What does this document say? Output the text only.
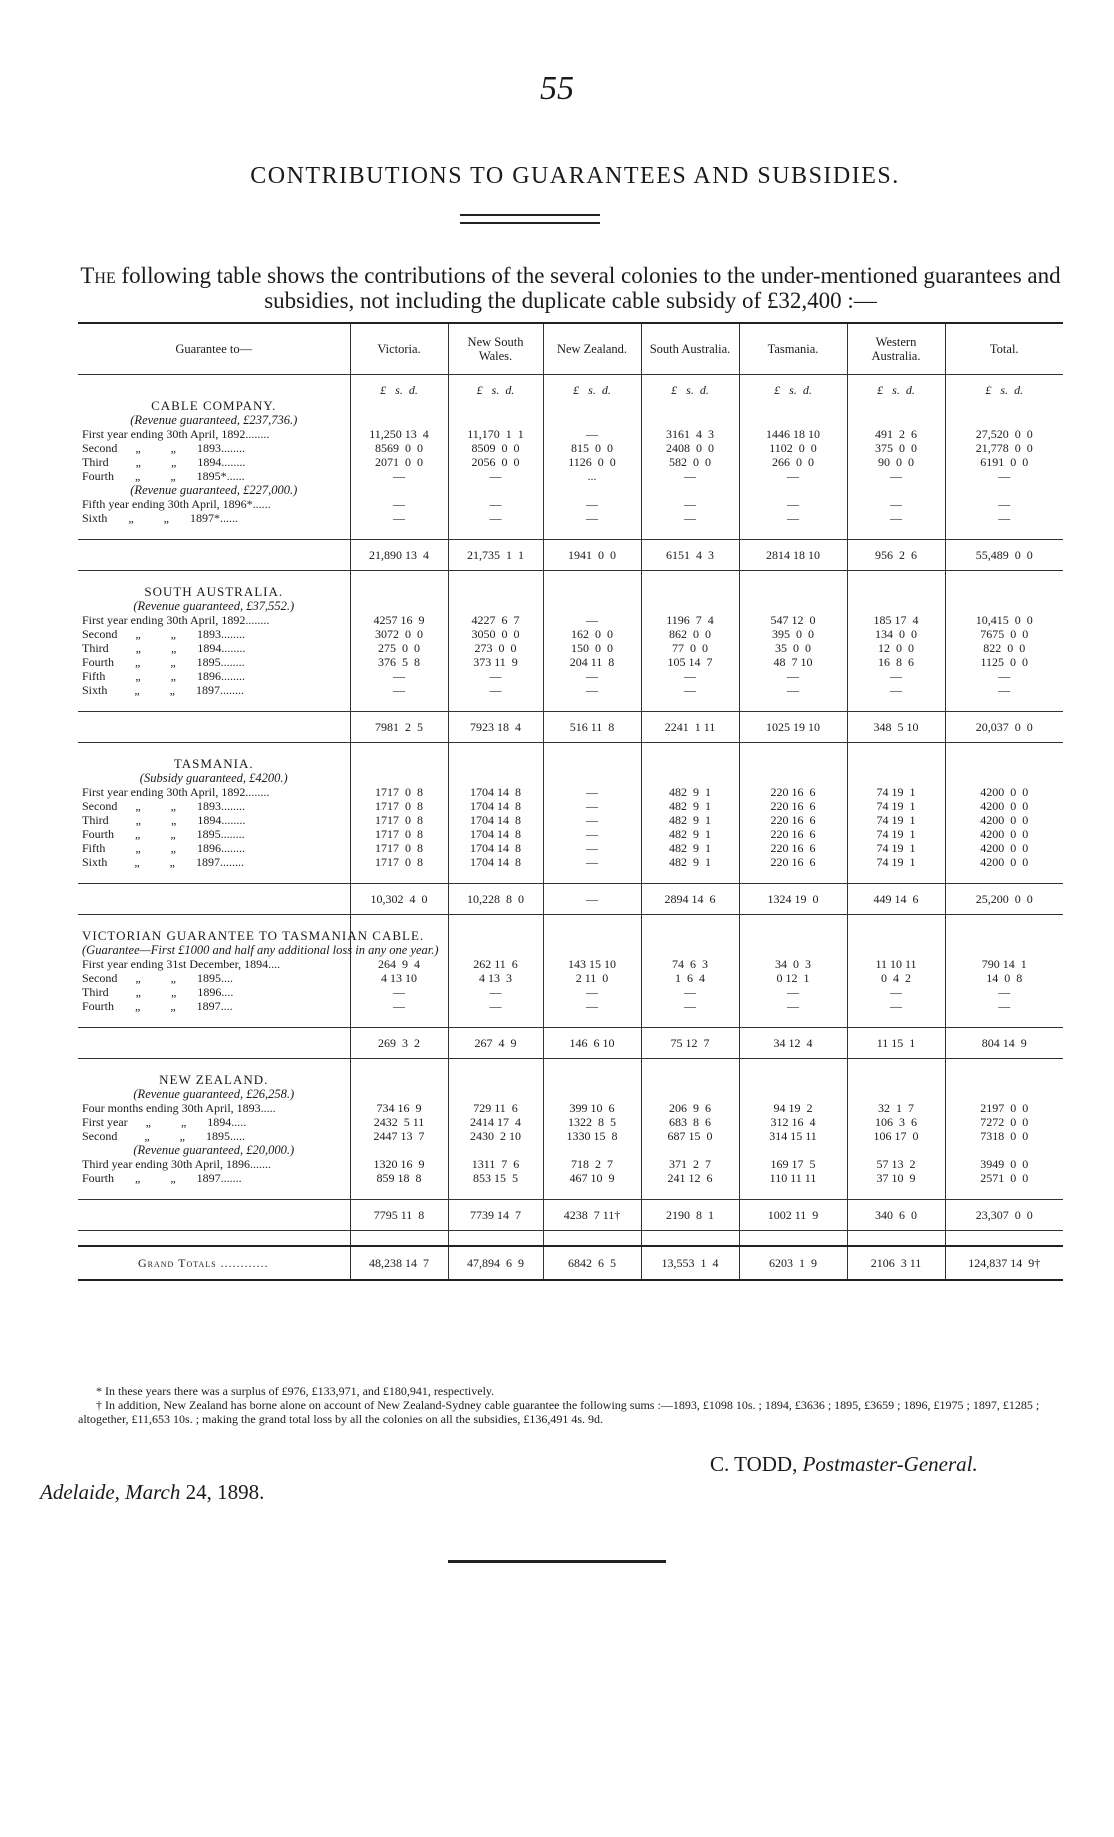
55
CONTRIBUTIONS TO GUARANTEES AND SUBSIDIES.
The following table shows the contributions of the several colonies to the under-mentioned guarantees and subsidies, not including the duplicate cable subsidy of £32,400 :—
Guarantee to—	Victoria.	New South Wales.	New Zealand.	South Australia.	Tasmania.	Western Australia.	Total.
	£   s.  d.	£   s.  d.	£   s.  d.	£   s.  d.	£   s.  d.	£   s.  d.	£   s.  d.
CABLE COMPANY.							
(Revenue guaranteed, £237,736.)							
First year ending 30th April, 1892........	11,250 13  4	11,170  1  1	—	3161  4  3	1446 18 10	491  2  6	27,520  0  0
Second      „          „       1893........	8569  0  0	8509  0  0	815  0  0	2408  0  0	1102  0  0	375  0  0	21,778  0  0
Third         „          „       1894........	2071  0  0	2056  0  0	1126  0  0	582  0  0	266  0  0	90  0  0	6191  0  0
Fourth       „          „       1895*......	—	—	...	—	—	—	—
(Revenue guaranteed, £227,000.)							
Fifth year ending 30th April, 1896*......	—	—	—	—	—	—	—
Sixth       „          „       1897*......	—	—	—	—	—	—	—

	21,890 13  4	21,735  1  1	1941  0  0	6151  4  3	2814 18 10	956  2  6	55,489  0  0

SOUTH AUSTRALIA.							
(Revenue guaranteed, £37,552.)							
First year ending 30th April, 1892........	4257 16  9	4227  6  7	—	1196  7  4	547 12  0	185 17  4	10,415  0  0
Second      „          „       1893........	3072  0  0	3050  0  0	162  0  0	862  0  0	395  0  0	134  0  0	7675  0  0
Third         „          „       1894........	275  0  0	273  0  0	150  0  0	77  0  0	35  0  0	12  0  0	822  0  0
Fourth       „          „       1895........	376  5  8	373 11  9	204 11  8	105 14  7	48  7 10	16  8  6	1125  0  0
Fifth          „          „       1896........	—	—	—	—	—	—	—
Sixth         „          „       1897........	—	—	—	—	—	—	—

	7981  2  5	7923 18  4	516 11  8	2241  1 11	1025 19 10	348  5 10	20,037  0  0

TASMANIA.							
(Subsidy guaranteed, £4200.)							
First year ending 30th April, 1892........	1717  0  8	1704 14  8	—	482  9  1	220 16  6	74 19  1	4200  0  0
Second      „          „       1893........	1717  0  8	1704 14  8	—	482  9  1	220 16  6	74 19  1	4200  0  0
Third         „          „       1894........	1717  0  8	1704 14  8	—	482  9  1	220 16  6	74 19  1	4200  0  0
Fourth       „          „       1895........	1717  0  8	1704 14  8	—	482  9  1	220 16  6	74 19  1	4200  0  0
Fifth          „          „       1896........	1717  0  8	1704 14  8	—	482  9  1	220 16  6	74 19  1	4200  0  0
Sixth         „          „       1897........	1717  0  8	1704 14  8	—	482  9  1	220 16  6	74 19  1	4200  0  0

	10,302  4  0	10,228  8  0	—	2894 14  6	1324 19  0	449 14  6	25,200  0  0

VICTORIAN GUARANTEE TO TASMANIAN CABLE.							
(Guarantee—First £1000 and half any additional loss in any one year.)							
First year ending 31st December, 1894....	264  9  4	262 11  6	143 15 10	74  6  3	34  0  3	11 10 11	790 14  1
Second      „          „       1895....	4 13 10	4 13  3	2 11  0	1  6  4	0 12  1	0  4  2	14  0  8
Third         „          „       1896....	—	—	—	—	—	—	—
Fourth       „          „       1897....	—	—	—	—	—	—	—

	269  3  2	267  4  9	146  6 10	75 12  7	34 12  4	11 15  1	804 14  9

NEW ZEALAND.							
(Revenue guaranteed, £26,258.)							
Four months ending 30th April, 1893.....	734 16  9	729 11  6	399 10  6	206  9  6	94 19  2	32  1  7	2197  0  0
First year      „          „       1894.....	2432  5 11	2414 17  4	1322  8  5	683  8  6	312 16  4	106  3  6	7272  0  0
Second         „          „       1895.....	2447 13  7	2430  2 10	1330 15  8	687 15  0	314 15 11	106 17  0	7318  0  0
(Revenue guaranteed, £20,000.)							
Third year ending 30th April, 1896.......	1320 16  9	1311  7  6	718  2  7	371  2  7	169 17  5	57 13  2	3949  0  0
Fourth       „          „       1897.......	859 18  8	853 15  5	467 10  9	241 12  6	110 11 11	37 10  9	2571  0  0

	7795 11  8	7739 14  7	4238  7 11†	2190  8  1	1002 11  9	340  6  0	23,307  0  0

Grand Totals ............	48,238 14  7	47,894  6  9	6842  6  5	13,553  1  4	6203  1  9	2106  3 11	124,837 14  9†

* In these years there was a surplus of £976, £133,971, and £180,941, respectively.

† In addition, New Zealand has borne alone on account of New Zealand-Sydney cable guarantee the following sums :—1893, £1098 10s. ; 1894, £3636 ; 1895, £3659 ; 1896, £1975 ; 1897, £1285 ; altogether, £11,653 10s. ; making the grand total loss by all the colonies on all the subsidies, £136,491 4s. 9d.

C. TODD, Postmaster-General.
Adelaide, March 24, 1898.
